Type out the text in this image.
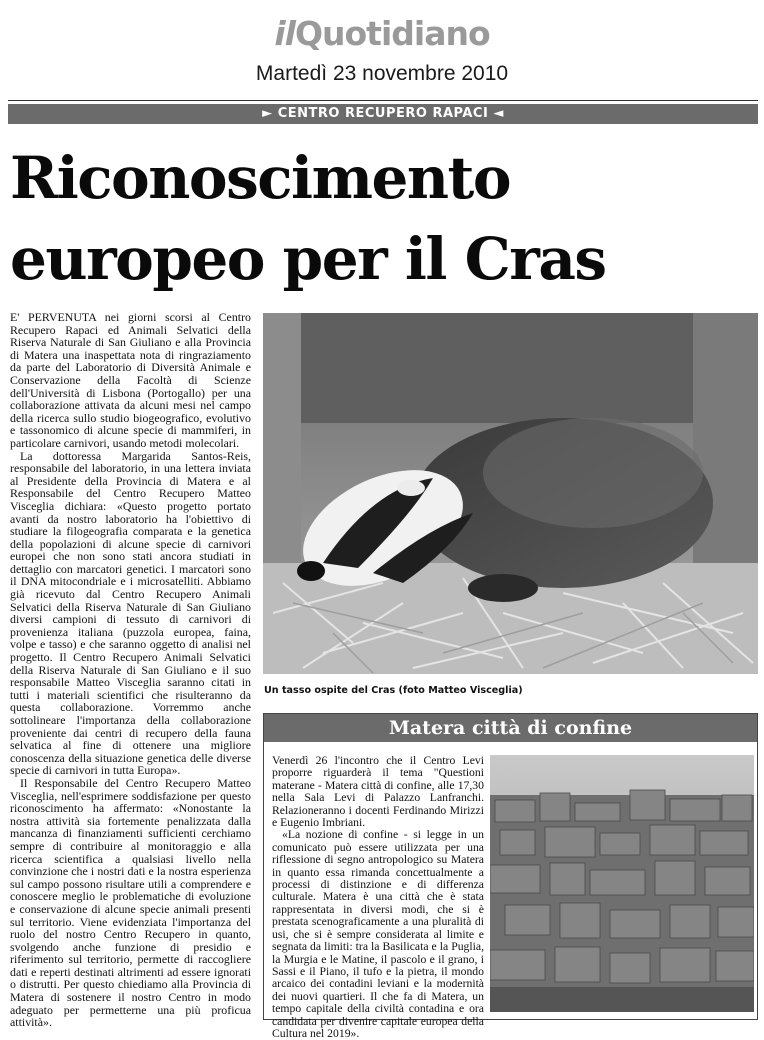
ilQuotidiano
Martedì 23 novembre 2010
► CENTRO RECUPERO RAPACI ◄
Riconoscimento
europeo per il Cras

E' PERVENUTA nei giorni scorsi al Centro Recupero Rapaci ed Animali Selvatici della Riserva Naturale di San Giuliano e alla Provincia di Matera una inaspettata nota di ringraziamento da parte del Laboratorio di Diversità Animale e Conservazione della Facoltà di Scienze dell'Università di Lisbona (Portogallo) per una collaborazione attivata da alcuni mesi nel campo della ricerca sullo studio biogeografico, evolutivo e tassonomico di alcune specie di mammiferi, in particolare carnivori, usando metodi molecolari.

La dottoressa Margarida Santos-Reis, responsabile del laboratorio, in una lettera inviata al Presidente della Provincia di Matera e al Responsabile del Centro Recupero Matteo Visceglia dichiara: «Questo progetto portato avanti da nostro laboratorio ha l'obiettivo di studiare la filogeografia comparata e la genetica della popolazioni di alcune specie di carnivori europei che non sono stati ancora studiati in dettaglio con marcatori genetici. I marcatori sono il DNA mitocondriale e i microsatelliti. Abbiamo già ricevuto dal Centro Recupero Animali Selvatici della Riserva Naturale di San Giuliano diversi campioni di tessuto di carnivori di provenienza italiana (puzzola europea, faina, volpe e tasso) e che saranno oggetto di analisi nel progetto. Il Centro Recupero Animali Selvatici della Riserva Naturale di San Giuliano e il suo responsabile Matteo Visceglia saranno citati in tutti i materiali scientifici che risulteranno da questa collaborazione. Vorremmo anche sottolineare l'importanza della collaborazione proveniente dai centri di recupero della fauna selvatica al fine di ottenere una migliore conoscenza della situazione genetica delle diverse specie di carnivori in tutta Europa».

Il Responsabile del Centro Recupero Matteo Visceglia, nell'esprimere soddisfazione per questo riconoscimento ha affermato: «Nonostante la nostra attività sia fortemente penalizzata dalla mancanza di finanziamenti sufficienti cerchiamo sempre di contribuire al monitoraggio e alla ricerca scientifica a qualsiasi livello nella convinzione che i nostri dati e la nostra esperienza sul campo possono risultare utili a comprendere e conoscere meglio le problematiche di evoluzione e conservazione di alcune specie animali presenti sul territorio. Viene evidenziata l'importanza del ruolo del nostro Centro Recupero in quanto, svolgendo anche funzione di presidio e riferimento sul territorio, permette di raccogliere dati e reperti destinati altrimenti ad essere ignorati o distrutti. Per questo chiediamo alla Provincia di Matera di sostenere il nostro Centro in modo adeguato per permetterne una più proficua attività».

Un tasso ospite del Cras (foto Matteo Visceglia)
Matera città di confine

Venerdì 26 l'incontro che il Centro Levi proporre riguarderà il tema "Questioni materane - Matera città di confine, alle 17,30 nella Sala Levi di Palazzo Lanfranchi. Relazioneranno i docenti Ferdinando Mirizzi e Eugenio Imbriani.

«La nozione di confine - si legge in un comunicato può essere utilizzata per una riflessione di segno antropologico su Matera in quanto essa rimanda concettualmente a processi di distinzione e di differenza culturale. Matera è una città che è stata rappresentata in diversi modi, che si è prestata scenograficamente a una pluralità di usi, che si è sempre considerata al limite e segnata da limiti: tra la Basilicata e la Puglia, la Murgia e le Matine, il pascolo e il grano, i Sassi e il Piano, il tufo e la pietra, il mondo arcaico dei contadini leviani e la modernità dei nuovi quartieri. Il che fa di Matera, un tempo capitale della civiltà contadina e ora candidata per divenire capitale europea della Cultura nel 2019».
